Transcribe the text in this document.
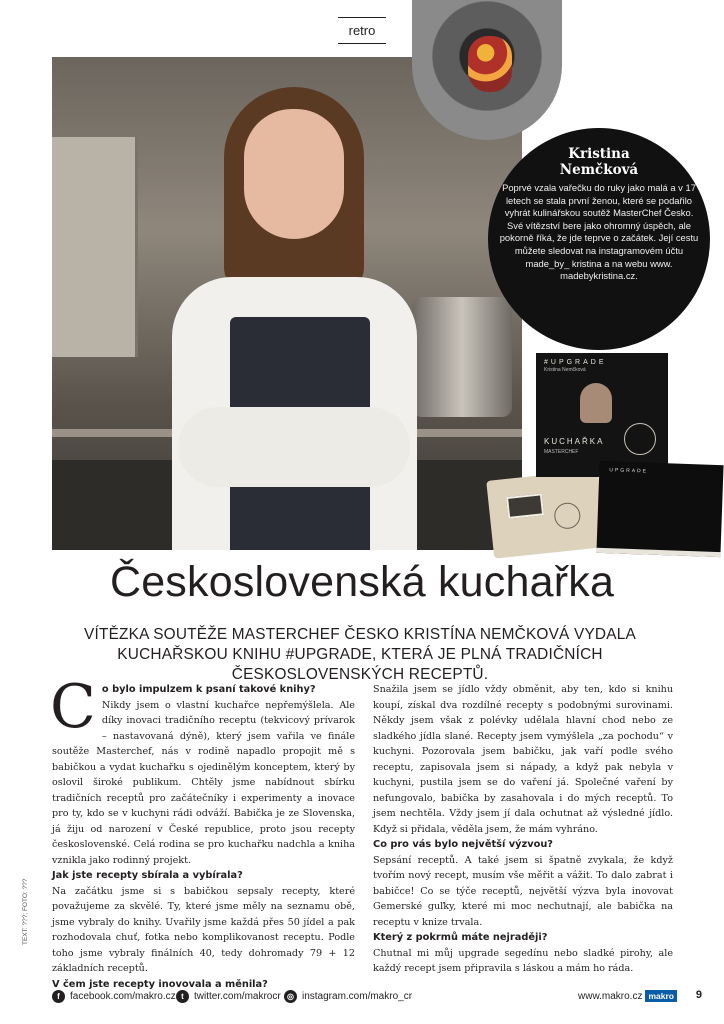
retro
Kristina
Nemčková
Poprvé vzala vařečku do ruky jako malá a v 17 letech se stala první ženou, které se podařilo vyhrát kulinářskou soutěž MasterChef Česko. Své vítězství bere jako ohromný úspěch, ale pokorně říká, že jde teprve o začátek. Její cestu můžete sledovat na instagramovém účtu made_by_ kristina a na webu www. madebykristina.cz.
#UPGRADE
Kristina Nemčková
KUCHAŘKA
MASTERCHEF
UPGRADE
Československá kuchařka

VÍTĚZKA SOUTĚŽE MASTERCHEF ČESKO KRISTÍNA NEMČKOVÁ VYDALA KUCHAŘSKOU KNIHU #UPGRADE, KTERÁ JE PLNÁ TRADIČNÍCH ČESKOSLOVENSKÝCH RECEPTŮ.

C o bylo impulzem k psaní takové knihy?

Nikdy jsem o vlastní kuchařce nepřemýšlela. Ale díky inovaci tradičního receptu (tekvicový prívarok – nastavovaná dýně), který jsem vařila ve finále soutěže Masterchef, nás v rodině napadlo propojit mě s babičkou a vydat kuchařku s ojedinělým konceptem, který by oslovil široké publikum. Chtěly jsme nabídnout sbírku tradičních receptů pro začátečníky i experimenty a inovace pro ty, kdo se v kuchyni rádi odváží. Babička je ze Slovenska, já žiju od narození v České republice, proto jsou recepty československé. Celá rodina se pro kuchařku nadchla a kniha vznikla jako rodinný projekt.

Jak jste recepty sbírala a vybírala?

Na začátku jsme si s babičkou sepsaly recepty, které považujeme za skvělé. Ty, které jsme měly na seznamu obě, jsme vybraly do knihy. Uvařily jsme každá přes 50 jídel a pak rozhodovala chuť, fotka nebo komplikovanost receptu. Podle toho jsme vybraly finálních 40, tedy dohromady 79 + 12 základních receptů.

V čem jste recepty inovovala a měnila?

Snažila jsem se jídlo vždy obměnit, aby ten, kdo si knihu koupí, získal dva rozdílné recepty s podobnými surovinami. Někdy jsem však z polévky udělala hlavní chod nebo ze sladkého jídla slané. Recepty jsem vymýšlela „za pochodu“ v kuchyni. Pozorovala jsem babičku, jak vaří podle svého receptu, zapisovala jsem si nápady, a když pak nebyla v kuchyni, pustila jsem se do vaření já. Společné vaření by nefungovalo, babička by zasahovala i do mých receptů. To jsem nechtěla. Vždy jsem jí dala ochutnat až výsledné jídlo. Když si přidala, věděla jsem, že mám vyhráno.

Co pro vás bylo největší výzvou?

Sepsání receptů. A také jsem si špatně zvykala, že když tvořím nový recept, musím vše měřit a vážit. To dalo zabrat i babičce! Co se týče receptů, největší výzva byla inovovat Gemerské guľky, které mi moc nechutnají, ale babička na receptu v knize trvala.

Který z pokrmů máte nejraději?

Chutnal mi můj upgrade segedínu nebo sladké pirohy, ale každý recept jsem připravila s láskou a mám ho ráda.

TEXT: ???; FOTO: ???
f	facebook.com/makro.cz t	twitter.com/makrocr ◎ instagram.com/makro_cr	www.makro.cz makro 9
